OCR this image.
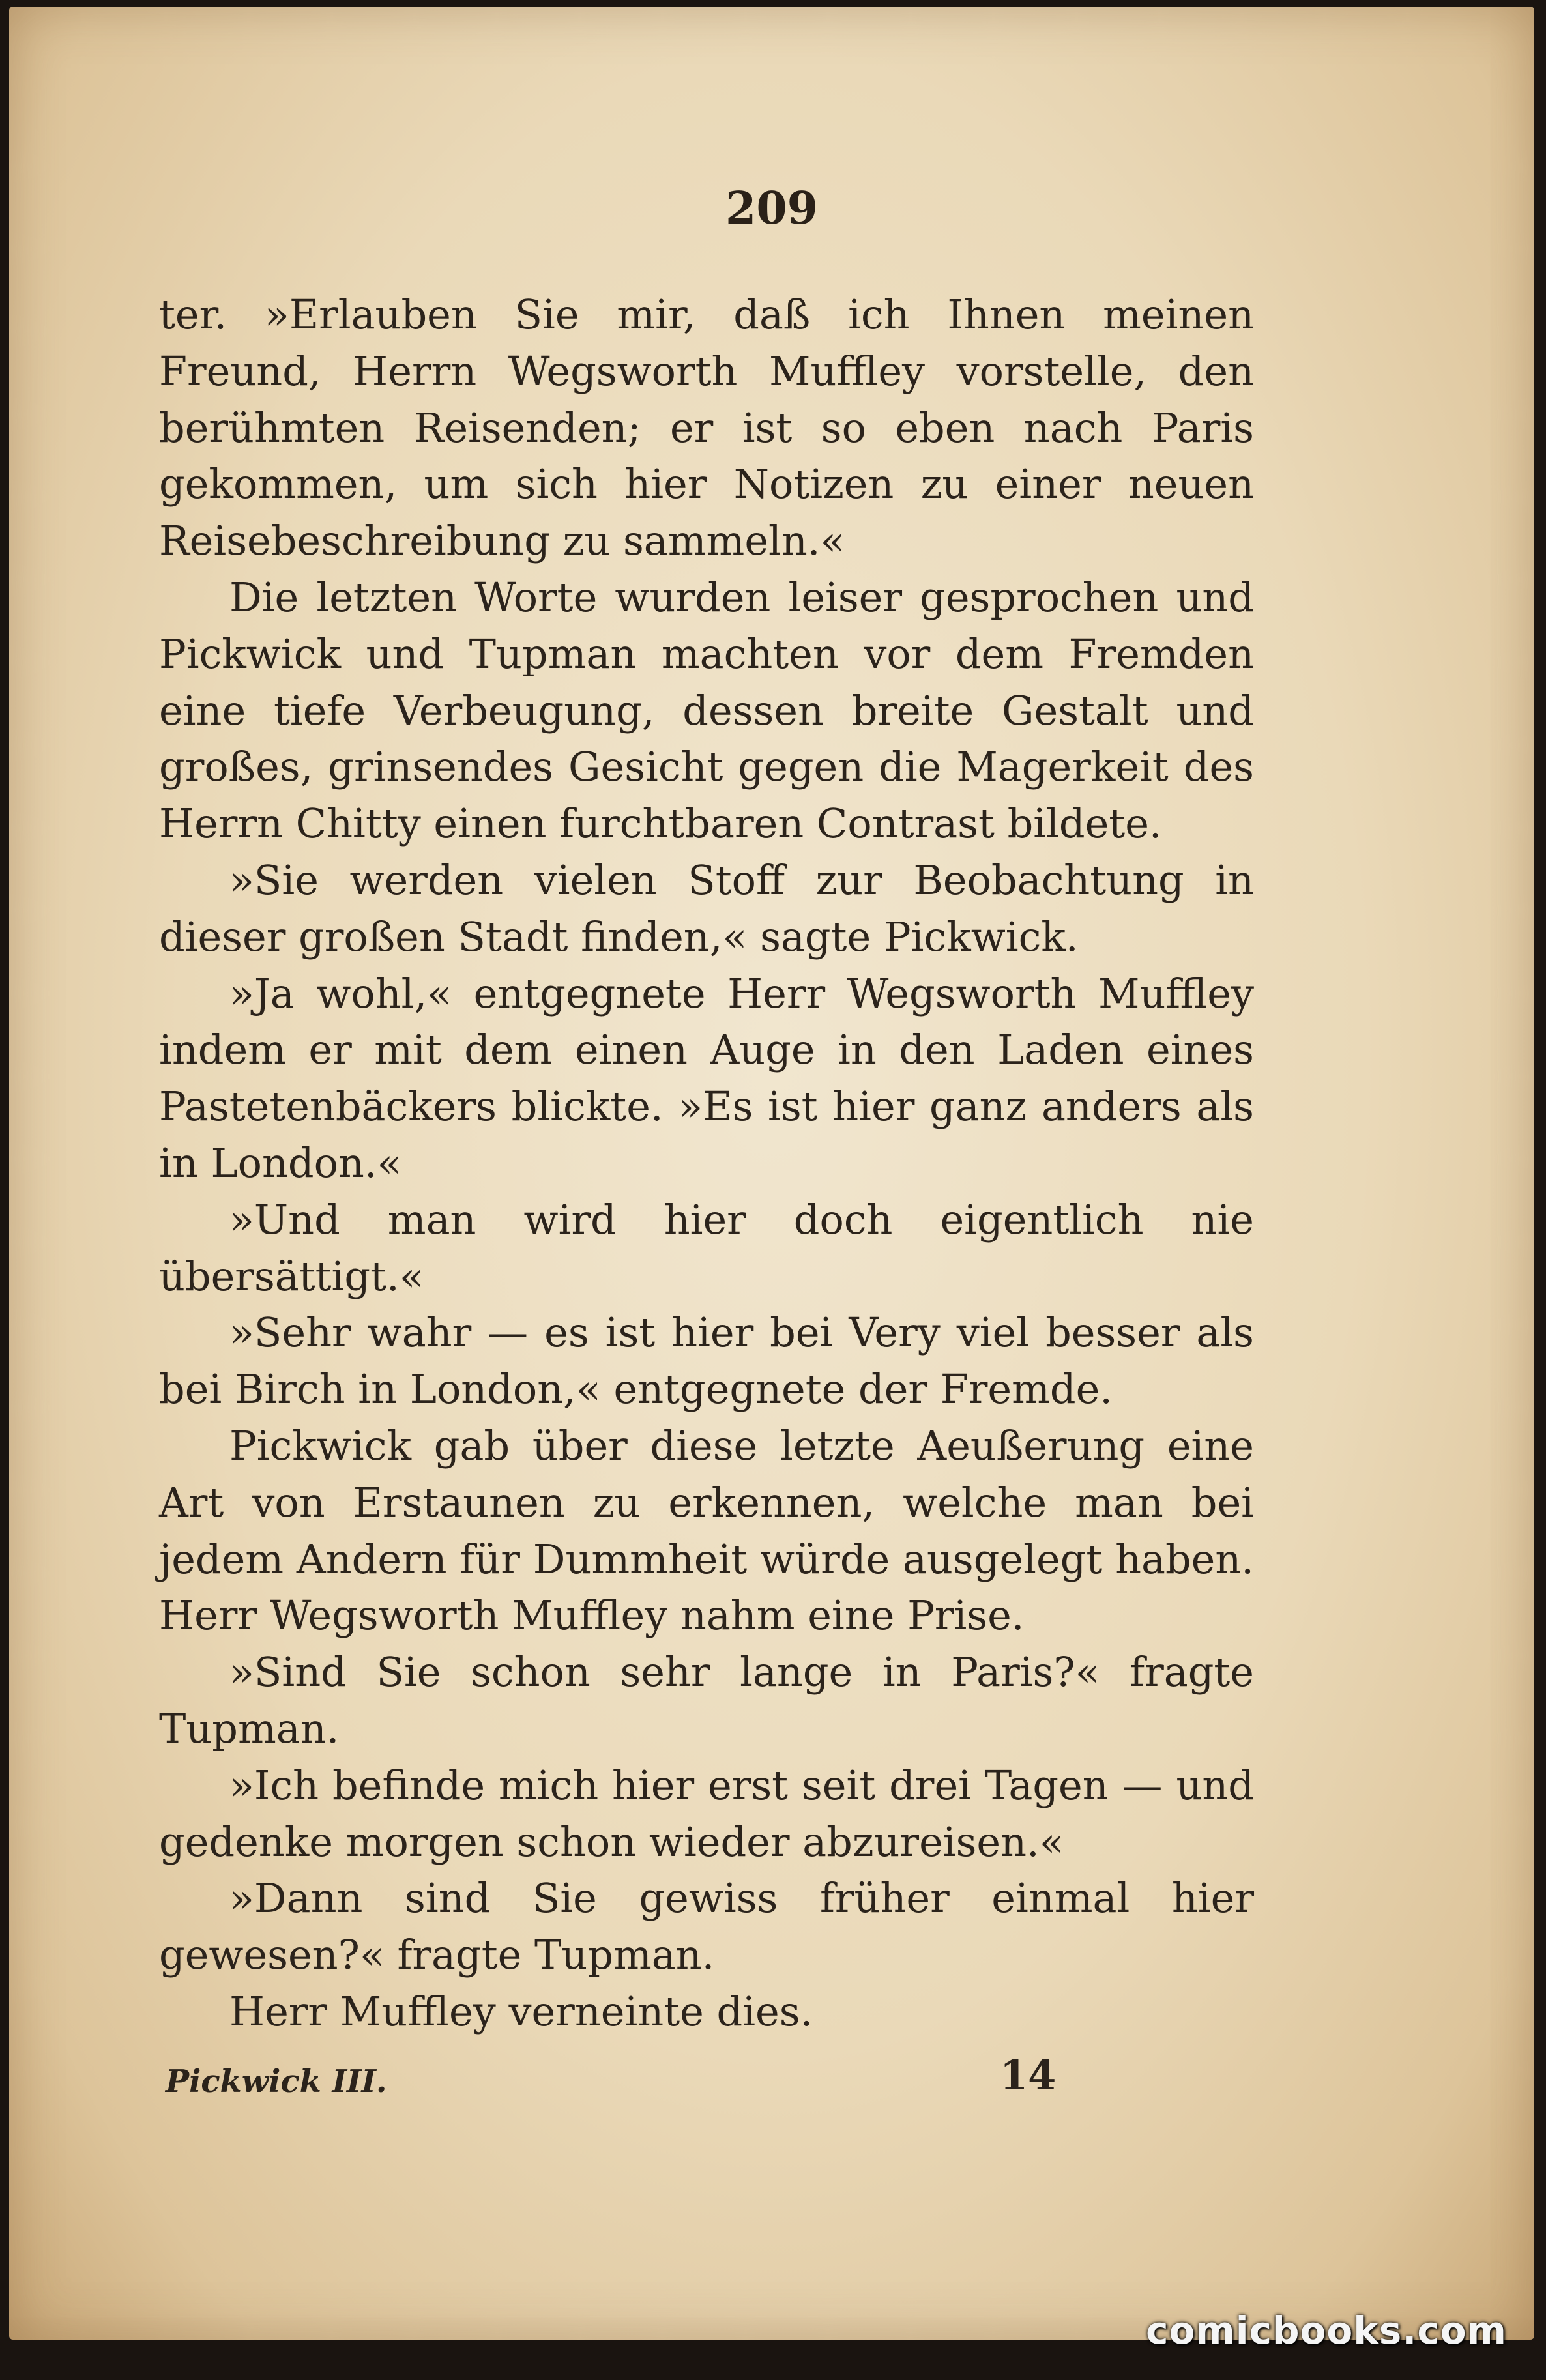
209

ter. »Erlauben Sie mir, daß ich Ihnen meinen Freund, Herrn Wegsworth Muffley vorstelle, den berühmten Reisenden; er ist so eben nach Paris gekommen, um sich hier Notizen zu einer neuen Reisebeschreibung zu sammeln.«

Die letzten Worte wurden leiser gesprochen und Pickwick und Tupman machten vor dem Fremden eine tiefe Verbeugung, dessen breite Gestalt und großes, grinsendes Gesicht gegen die Magerkeit des Herrn Chitty einen furchtbaren Contrast bildete.

»Sie werden vielen Stoff zur Beobachtung in dieser großen Stadt finden,« sagte Pickwick.

»Ja wohl,« entgegnete Herr Wegsworth Muffley indem er mit dem einen Auge in den Laden eines Pastetenbäckers blickte. »Es ist hier ganz anders als in London.«

»Und man wird hier doch eigentlich nie übersättigt.«

»Sehr wahr — es ist hier bei Very viel besser als bei Birch in London,« entgegnete der Fremde.

Pickwick gab über diese letzte Aeußerung eine Art von Erstaunen zu erkennen, welche man bei jedem Andern für Dummheit würde ausgelegt haben. Herr Wegsworth Muffley nahm eine Prise.

»Sind Sie schon sehr lange in Paris?« fragte Tupman.

»Ich befinde mich hier erst seit drei Tagen — und gedenke morgen schon wieder abzureisen.«

»Dann sind Sie gewiss früher einmal hier gewesen?« fragte Tupman.

Herr Muffley verneinte dies.

Pickwick III.	14
comicbooks.com
